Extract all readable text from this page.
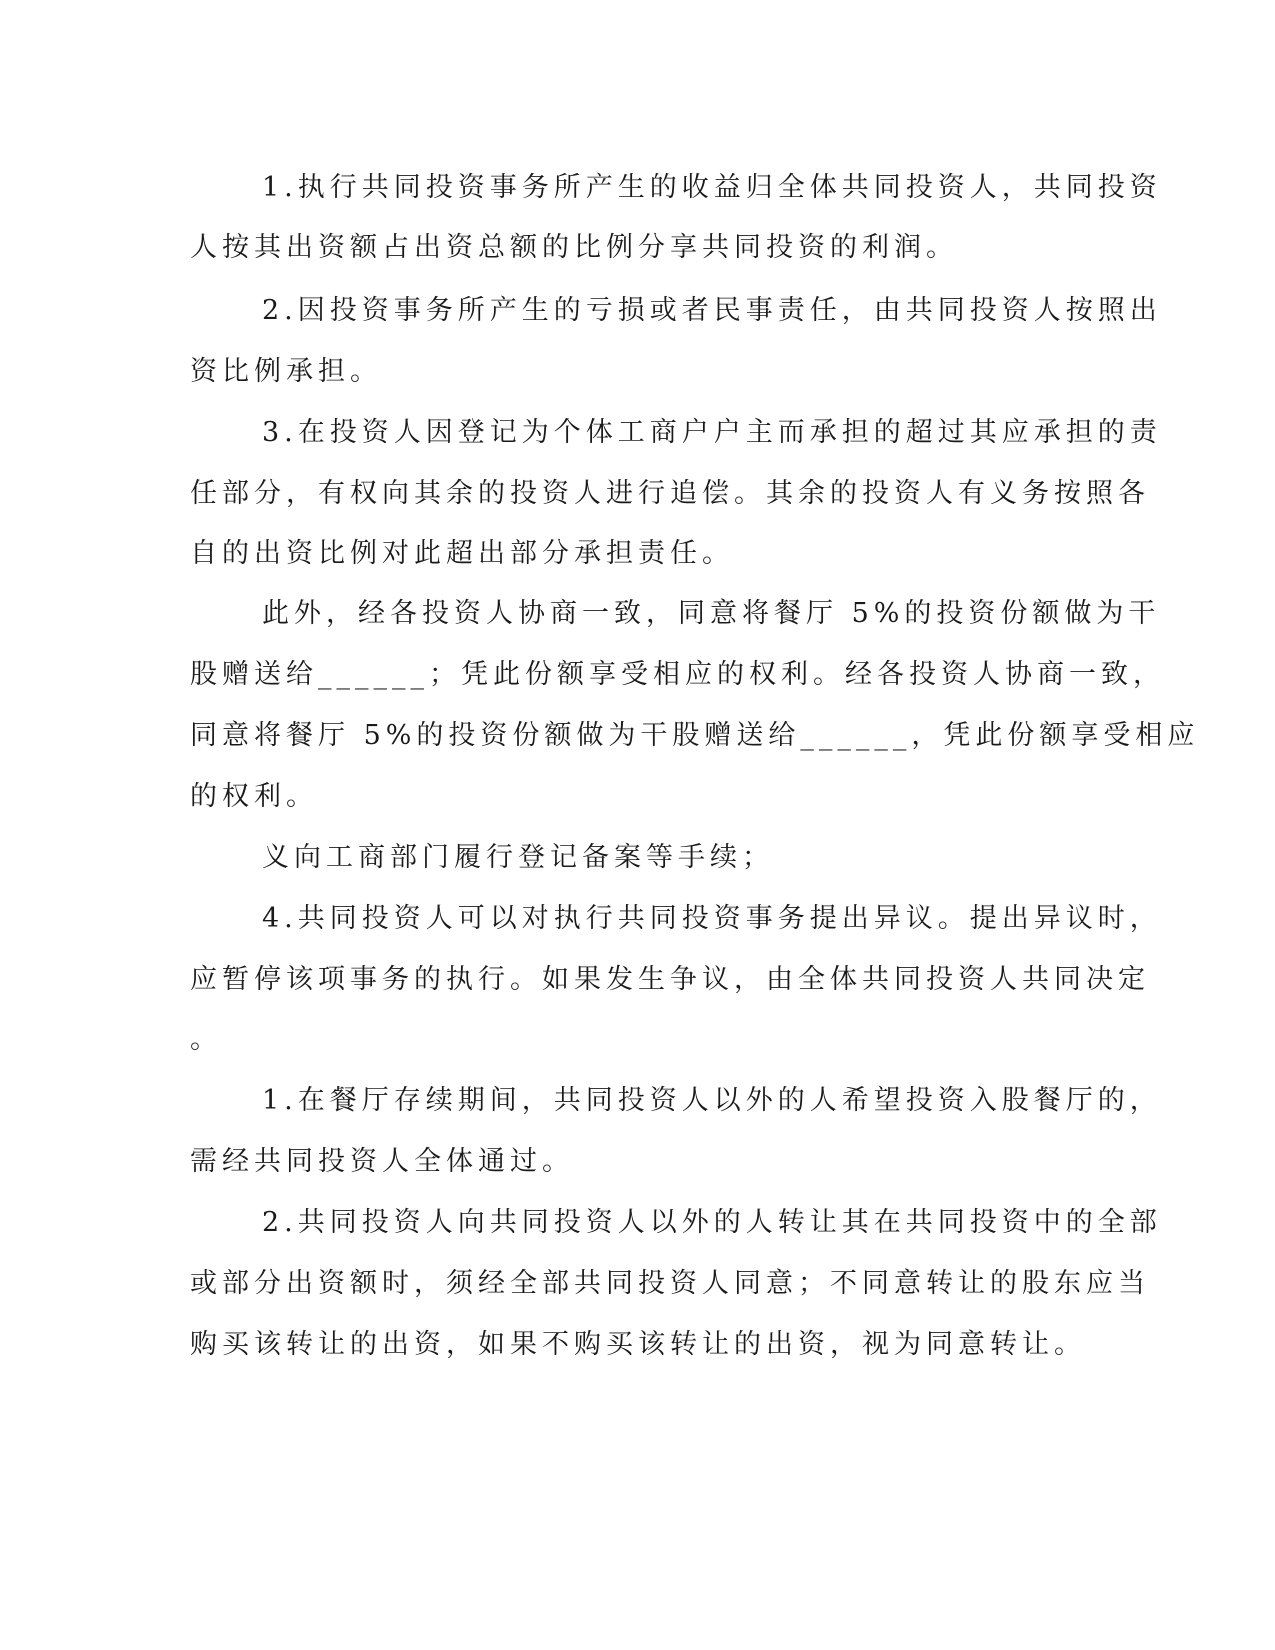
1.执行共同投资事务所产生的收益归全体共同投资人，共同投资

人按其出资额占出资总额的比例分享共同投资的利润。

2.因投资事务所产生的亏损或者民事责任，由共同投资人按照出

资比例承担。

3.在投资人因登记为个体工商户户主而承担的超过其应承担的责

任部分，有权向其余的投资人进行追偿。其余的投资人有义务按照各

自的出资比例对此超出部分承担责任。

此外，经各投资人协商一致，同意将餐厅 5%的投资份额做为干

股赠送给______；凭此份额享受相应的权利。经各投资人协商一致，

同意将餐厅 5%的投资份额做为干股赠送给______，凭此份额享受相应

的权利。

义向工商部门履行登记备案等手续；

4.共同投资人可以对执行共同投资事务提出异议。提出异议时，

应暂停该项事务的执行。如果发生争议，由全体共同投资人共同决定

。

1.在餐厅存续期间，共同投资人以外的人希望投资入股餐厅的，

需经共同投资人全体通过。

2.共同投资人向共同投资人以外的人转让其在共同投资中的全部

或部分出资额时，须经全部共同投资人同意；不同意转让的股东应当

购买该转让的出资，如果不购买该转让的出资，视为同意转让。
